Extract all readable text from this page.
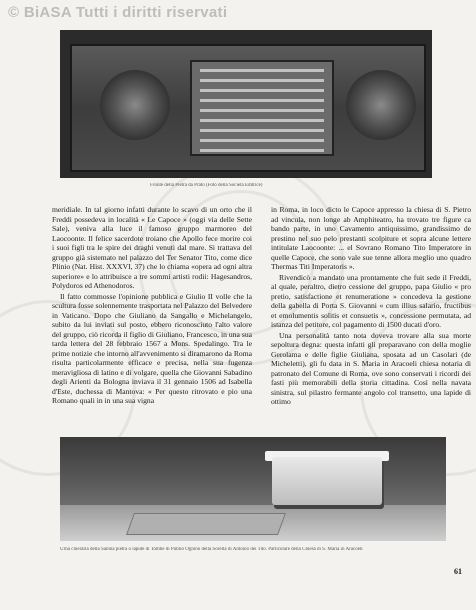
© BiASA Tutti i diritti riservati
Fronte della Pietra da Prato (Foto della Società Editrice)

meridiale. In tal giorno infatti durante lo scavo di un orto che il Freddi possedeva in località « Le Capoce » (oggi via delle Sette Sale), veniva alla luce il famoso gruppo marmoreo del Laocoonte. Il felice sacerdote troiano che Apollo fece morire coi i suoi figli tra le spire dei draghi venuti dal mare. Si trattava del gruppo già sistemato nel palazzo del Ter Senator Tito, come dice Plinio (Nat. Hist. XXXVI, 37) che lo chiama «opera ad ogni altra superiore» e lo attribuisce a tre sommi artisti rodii: Hagesandros, Polydoros ed Athenodoros.

Il fatto commosse l'opinione pubblica e Giulio II volle che la scultura fosse solennemente trasportata nel Palazzo del Belvedere in Vaticano. Dopo che Giuliano da Sangallo e Michelangelo, subito da lui inviati sul posto, ebbero riconosciuto l'alto valore del gruppo, ciò ricorda il figlio di Giuliano, Francesco, in una sua tarda lettera del 28 febbraio 1567 a Mons. Spedalingo. Tra le prime notizie che intorno all'avvenimento si diramarono da Roma risulta particolarmente efficace e precisa, nella sua fugenza meravigliosa di latino e di volgare, quella che Giovanni Sabadino degli Arienti da Bologna inviava il 31 gennaio 1506 ad Isabella d'Este, duchessa di Mantova: « Per questo ritrovato e pio una Romano quali in in una sua vigna

in Roma, in loco dicto le Capoce appresso la chiesa di S. Pietro ad vincula, non longe ab Amphiteatro, ha trovato tre figure ca bando parte, in uno Cavamento antiquissimo, grandissimo de prestino nel suo pelo prestanti scolpiture et sopra alcune lettere intitulate Laocoonte: ... el Sovrano Romano Tito Imperatore in quelle Capoce, che sono vale sue tenne allora meglio uno quadro Thermas Titi Imperatoris ».

Rivendicò a mandato una prontamente che fuit sede il Freddi, al quale, peraltro, dietro cessione del gruppo, papa Giulio « pro pretio, satisfactione et renumeratione » concedeva la gestione della gabella di Porta S. Giovanni « cum illius salario, fructibus et emolumentis solitis et consuetis », concessione permutata, ad istanza del petitore, col pagamento di 1500 ducati d'oro.

Una personalità tanto nota doveva trovare alla sua morte sepoltura degna: questa infatti gli preparavano con della moglie Gerolama e delle figlie Giuliana, sposata ad un Casolari (de Micheletti), gli fu data in S. Maria in Aracoeli chiesa notaria di patronato del Comune di Roma, ove sono conservati i ricordi dei fasti più memorabili della storia cittadina. Così nella navata sinistra, sul pilastro fermante angolo col transetto, una lapide di ottimo

Urna cineraria della Sabina pietra o lapide di Tombe di Publio Ognino della Sorella di Antonio dei Tito. Particolare della Chiesa di S. Maria in Aracoeli
61
